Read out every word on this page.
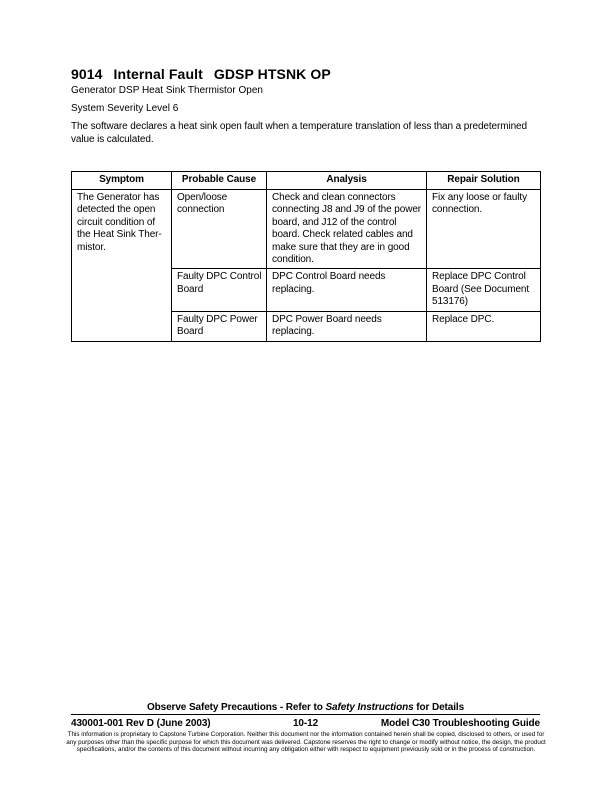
9014 Internal Fault GDSP HTSNK OP
Generator DSP Heat Sink Thermistor Open
System Severity Level 6
The software declares a heat sink open fault when a temperature translation of less than a predetermined value is calculated.
Symptom	Probable Cause	Analysis	Repair Solution
The Generator has detected the open circuit condition of the Heat Sink Thermistor.	Open/loose connection	Check and clean connectors connecting J8 and J9 of the power board, and J12 of the control board. Check related cables and make sure that they are in good condition.	Fix any loose or faulty connection.
	Faulty DPC Control Board	DPC Control Board needs replacing.	Replace DPC Control Board (See Document 513176)
	Faulty DPC Power Board	DPC Power Board needs replacing.	Replace DPC.
Observe Safety Precautions - Refer to Safety Instructions for Details
430001-001 Rev D (June 2003)	10-12	Model C30 Troubleshooting Guide
This information is proprietary to Capstone Turbine Corporation. Neither this document nor the information contained herein shall be copied, disclosed to others, or used for any purposes other than the specific purpose for which this document was delivered. Capstone reserves the right to change or modify without notice, the design, the product specifications, and/or the contents of this document without incurring any obligation either with respect to equipment previously sold or in the process of construction.
